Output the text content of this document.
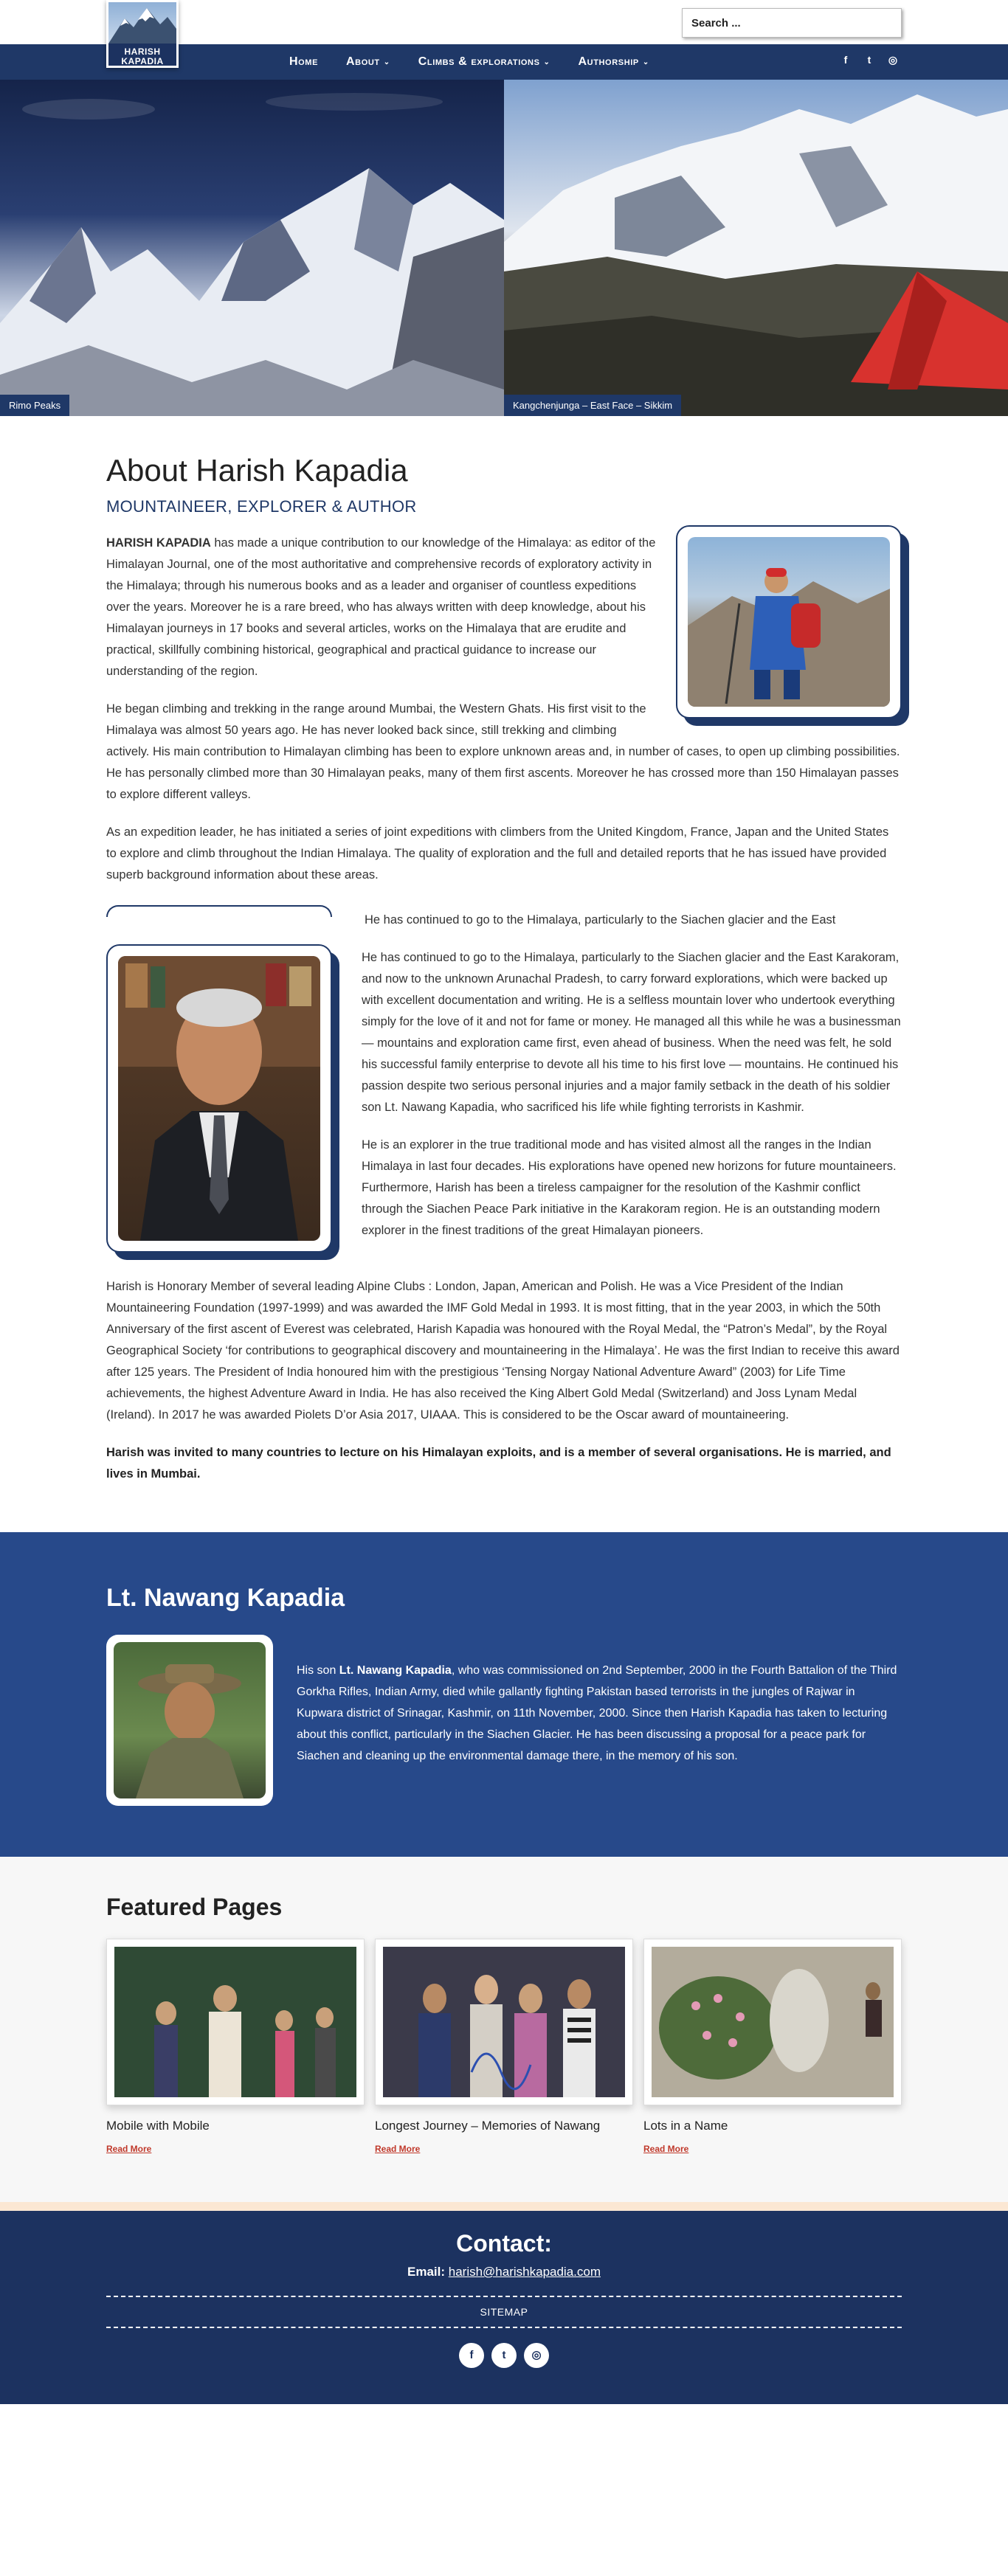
HARISH
KAPADIA
Search ...	Home About ⌄ Climbs & explorations ⌄ Authorship ⌄	f	t	◎
Rimo Peaks	Kangchenjunga – East Face – Sikkim
About Harish Kapadia
MOUNTAINEER, EXPLORER & AUTHOR

HARISH KAPADIA has made a unique contribution to our knowledge of the Himalaya: as editor of the Himalayan Journal, one of the most authoritative and comprehensive records of exploratory activity in the Himalaya; through his numerous books and as a leader and organiser of countless expeditions over the years. Moreover he is a rare breed, who has always written with deep knowledge, about his Himalayan journeys in 17 books and several articles, works on the Himalaya that are erudite and practical, skillfully combining historical, geographical and practical guidance to increase our understanding of the region.

He began climbing and trekking in the range around Mumbai, the Western Ghats. His first visit to the Himalaya was almost 50 years ago. He has never looked back since, still trekking and climbing actively. His main contribution to Himalayan climbing has been to explore unknown areas and, in number of cases, to open up climbing possibilities. He has personally climbed more than 30 Himalayan peaks, many of them first ascents. Moreover he has crossed more than 150 Himalayan passes to explore different valleys.

As an expedition leader, he has initiated a series of joint expeditions with climbers from the United Kingdom, France, Japan and the United States to explore and climb throughout the Indian Himalaya. The quality of exploration and the full and detailed reports that he has issued have provided superb background information about these areas.

He has continued to go to the Himalaya, particularly to the Siachen glacier and the East

He has continued to go to the Himalaya, particularly to the Siachen glacier and the East Karakoram, and now to the unknown Arunachal Pradesh, to carry forward explorations, which were backed up with excellent documentation and writing. He is a selfless mountain lover who undertook everything simply for the love of it and not for fame or money. He managed all this while he was a businessman — mountains and exploration came first, even ahead of business. When the need was felt, he sold his successful family enterprise to devote all his time to his first love — mountains. He continued his passion despite two serious personal injuries and a major family setback in the death of his soldier son Lt. Nawang Kapadia, who sacrificed his life while fighting terrorists in Kashmir.

He is an explorer in the true traditional mode and has visited almost all the ranges in the Indian Himalaya in last four decades. His explorations have opened new horizons for future mountaineers. Furthermore, Harish has been a tireless campaigner for the resolution of the Kashmir conflict through the Siachen Peace Park initiative in the Karakoram region. He is an outstanding modern explorer in the finest traditions of the great Himalayan pioneers.

Harish is Honorary Member of several leading Alpine Clubs : London, Japan, American and Polish. He was a Vice President of the Indian Mountaineering Foundation (1997-1999) and was awarded the IMF Gold Medal in 1993. It is most fitting, that in the year 2003, in which the 50th Anniversary of the first ascent of Everest was celebrated, Harish Kapadia was honoured with the Royal Medal, the “Patron’s Medal”, by the Royal Geographical Society ‘for contributions to geographical discovery and mountaineering in the Himalaya’. He was the first Indian to receive this award after 125 years. The President of India honoured him with the prestigious ‘Tensing Norgay National Adventure Award” (2003) for Life Time achievements, the highest Adventure Award in India. He has also received the King Albert Gold Medal (Switzerland) and Joss Lynam Medal (Ireland). In 2017 he was awarded Piolets D’or Asia 2017, UIAAA. This is considered to be the Oscar award of mountaineering.

Harish was invited to many countries to lecture on his Himalayan exploits, and is a member of several organisations. He is married, and lives in Mumbai.

Lt. Nawang Kapadia
His son Lt. Nawang Kapadia, who was commissioned on 2nd September, 2000 in the Fourth Battalion of the Third Gorkha Rifles, Indian Army, died while gallantly fighting Pakistan based terrorists in the jungles of Rajwar in Kupwara district of Srinagar, Kashmir, on 11th November, 2000. Since then Harish Kapadia has taken to lecturing about this conflict, particularly in the Siachen Glacier. He has been discussing a proposal for a peace park for Siachen and cleaning up the environmental damage there, in the memory of his son.
Featured Pages
Mobile with Mobile
Read More
Longest Journey – Memories of Nawang
Read More
Lots in a Name
Read More
Contact:
Email: harish@harishkapadia.com
SITEMAP
f	t	◎
